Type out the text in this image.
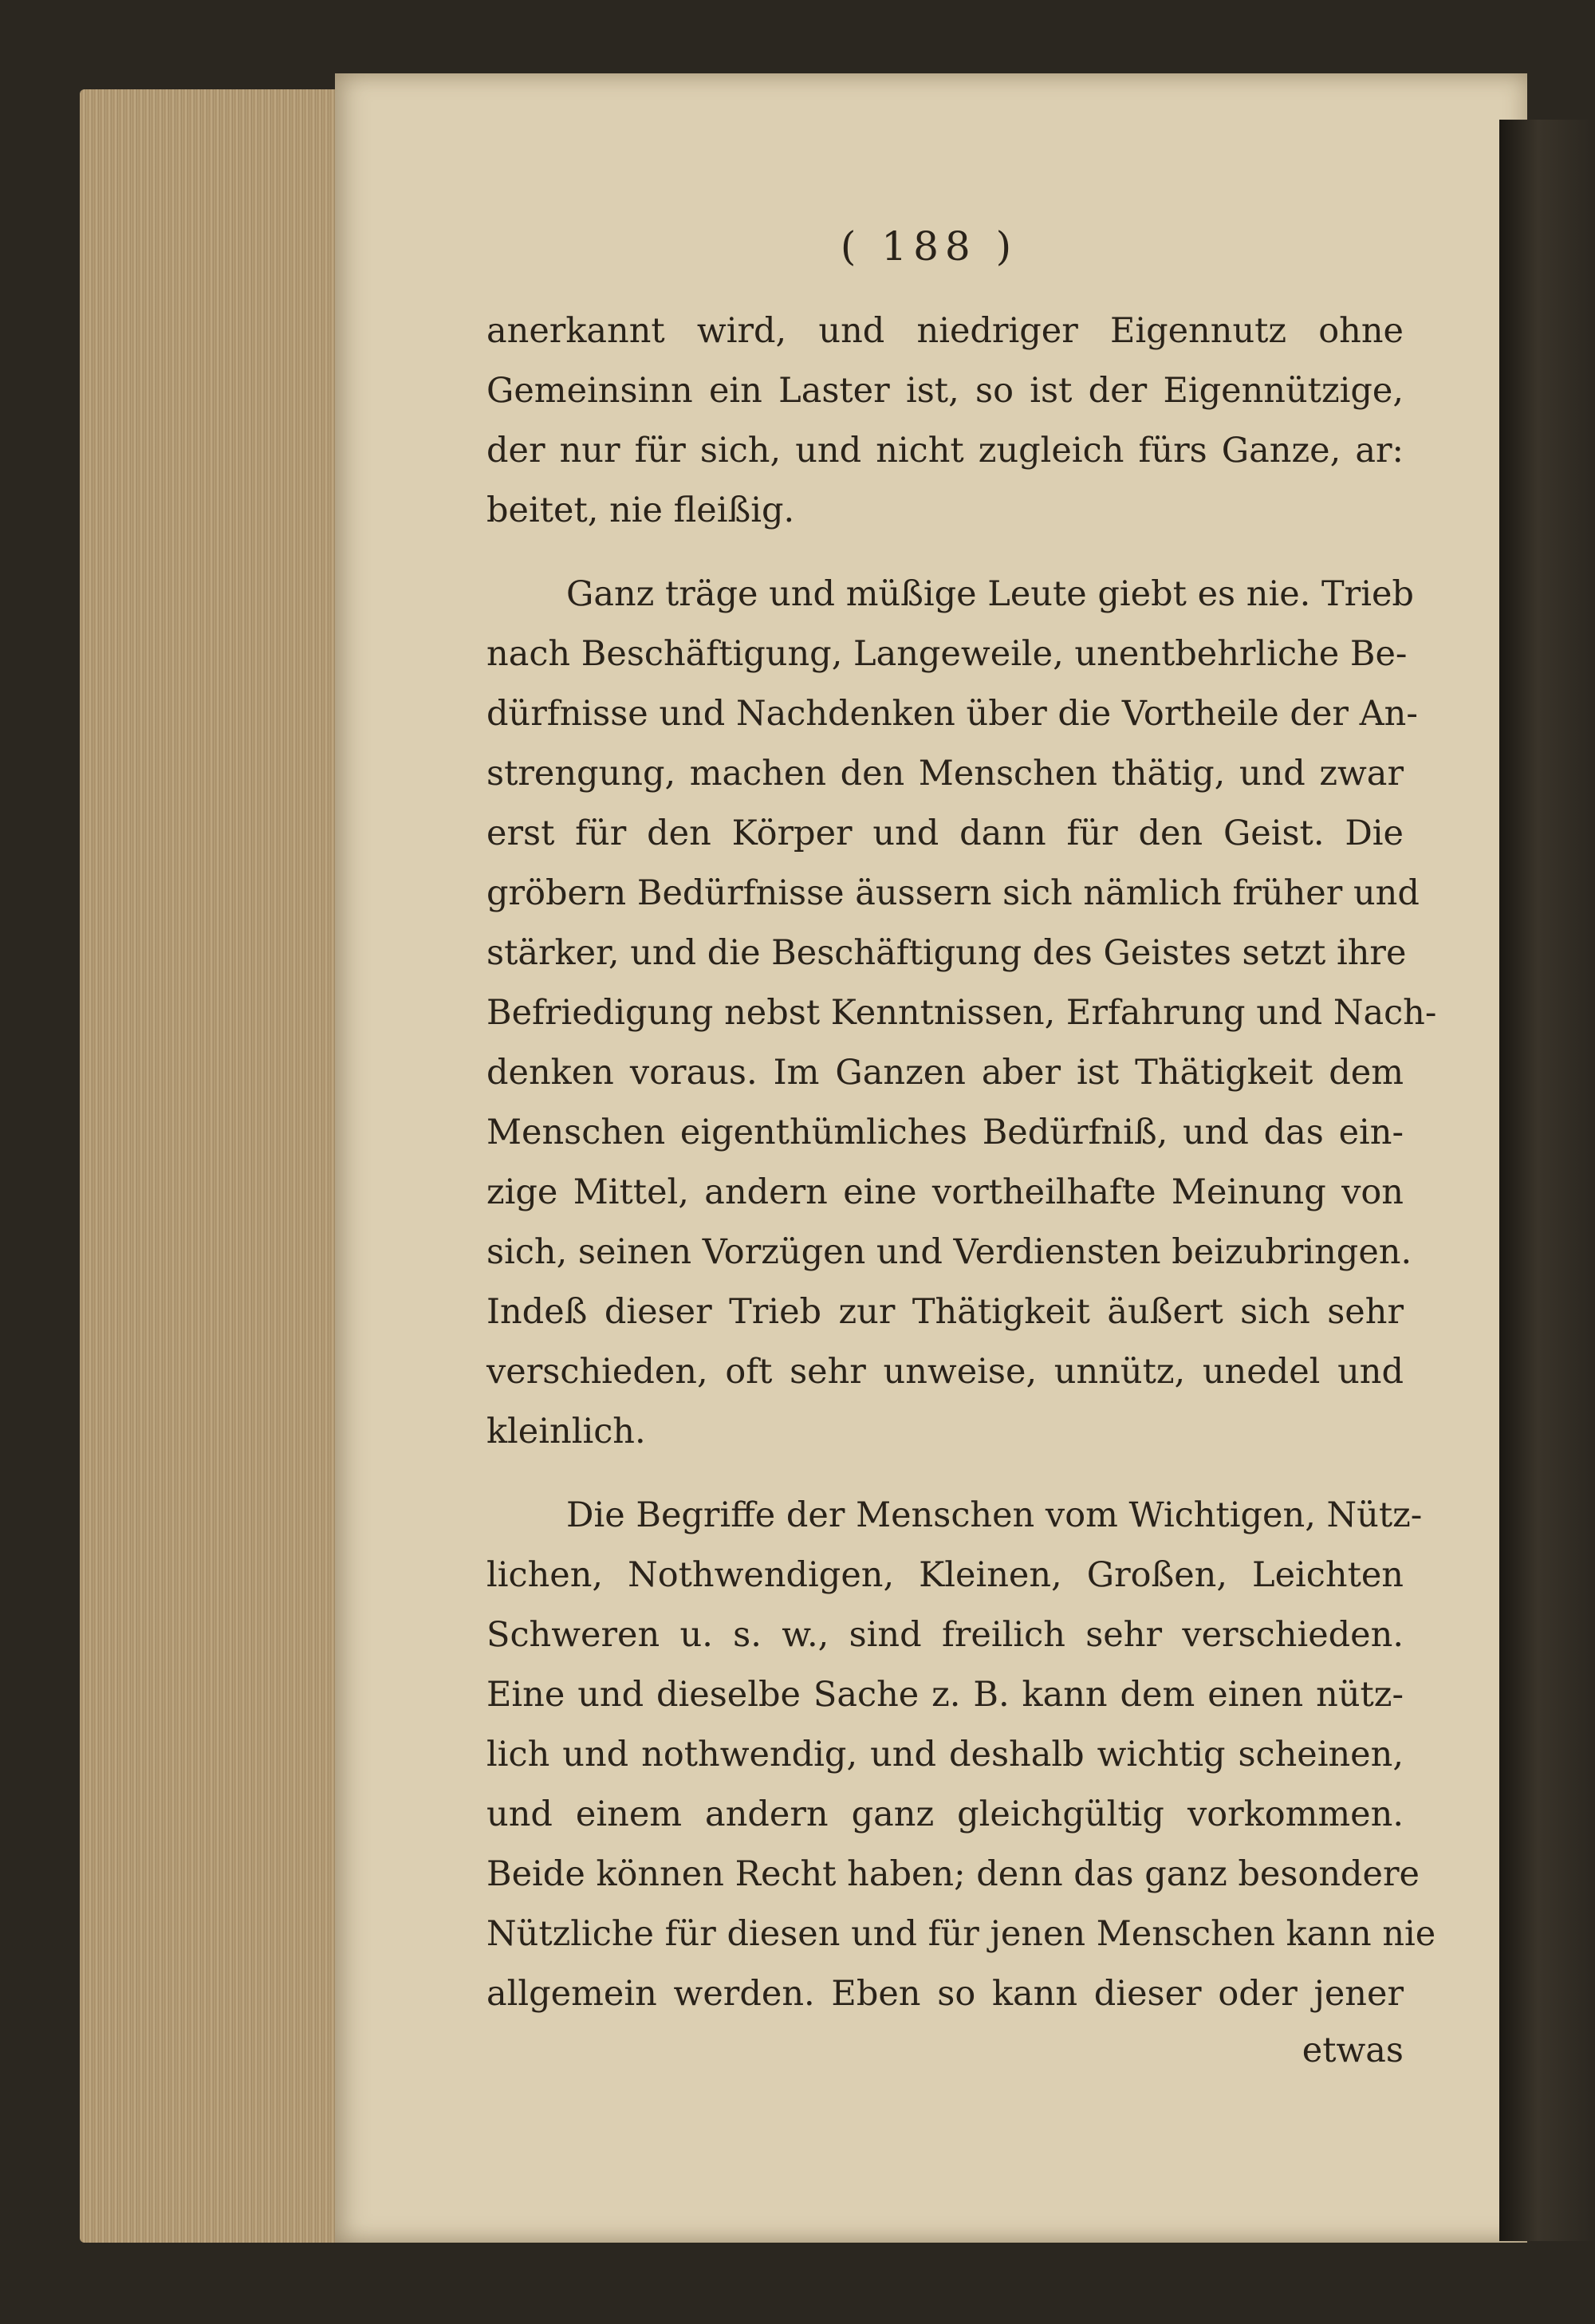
( 188 )

anerkannt wird, und niedriger Eigennutz ohne
Gemeinsinn ein Laster ist, so ist der Eigennützige,
der nur für sich, und nicht zugleich fürs Ganze, ar:
beitet, nie fleißig.

Ganz träge und müßige Leute giebt es nie. Trieb
nach Beschäftigung, Langeweile, unentbehrliche Be-
dürfnisse und Nachdenken über die Vortheile der An-
strengung, machen den Menschen thätig, und zwar
erst für den Körper und dann für den Geist. Die
gröbern Bedürfnisse äussern sich nämlich früher und
stärker, und die Beschäftigung des Geistes setzt ihre
Befriedigung nebst Kenntnissen, Erfahrung und Nach-
denken voraus. Im Ganzen aber ist Thätigkeit dem
Menschen eigenthümliches Bedürfniß, und das ein-
zige Mittel, andern eine vortheilhafte Meinung von
sich, seinen Vorzügen und Verdiensten beizubringen.
Indeß dieser Trieb zur Thätigkeit äußert sich sehr
verschieden, oft sehr unweise, unnütz, unedel und
kleinlich.

Die Begriffe der Menschen vom Wichtigen, Nütz-
lichen, Nothwendigen, Kleinen, Großen, Leichten
Schweren u. s. w., sind freilich sehr verschieden.
Eine und dieselbe Sache z. B. kann dem einen nütz-
lich und nothwendig, und deshalb wichtig scheinen,
und einem andern ganz gleichgültig vorkommen.
Beide können Recht haben; denn das ganz besondere
Nützliche für diesen und für jenen Menschen kann nie
allgemein werden. Eben so kann dieser oder jener

etwas
